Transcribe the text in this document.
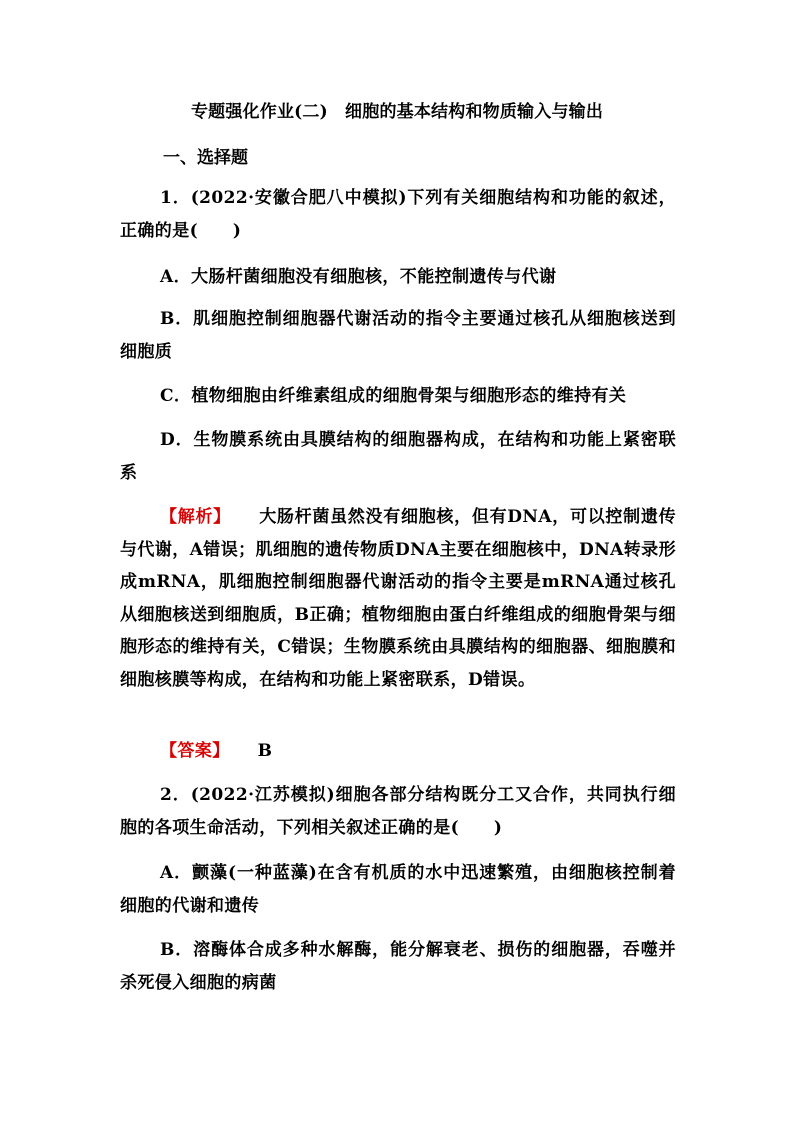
专题强化作业(二)　细胞的基本结构和物质输入与输出
一、选择题
1．(2022·安徽合肥八中模拟)下列有关细胞结构和功能的叙述，正确的是(　　)
A．大肠杆菌细胞没有细胞核，不能控制遗传与代谢
B．肌细胞控制细胞器代谢活动的指令主要通过核孔从细胞核送到细胞质
C．植物细胞由纤维素组成的细胞骨架与细胞形态的维持有关
D．生物膜系统由具膜结构的细胞器构成，在结构和功能上紧密联系
【解析】 大肠杆菌虽然没有细胞核，但有DNA，可以控制遗传与代谢，A错误；肌细胞的遗传物质DNA主要在细胞核中，DNA转录形成mRNA，肌细胞控制细胞器代谢活动的指令主要是mRNA通过核孔从细胞核送到细胞质，B正确；植物细胞由蛋白纤维组成的细胞骨架与细胞形态的维持有关，C错误；生物膜系统由具膜结构的细胞器、细胞膜和细胞核膜等构成，在结构和功能上紧密联系，D错误。
【答案】 B
2．(2022·江苏模拟)细胞各部分结构既分工又合作，共同执行细胞的各项生命活动，下列相关叙述正确的是(　　)
A．颤藻(一种蓝藻)在含有机质的水中迅速繁殖，由细胞核控制着细胞的代谢和遗传
B．溶酶体合成多种水解酶，能分解衰老、损伤的细胞器，吞噬并杀死侵入细胞的病菌
